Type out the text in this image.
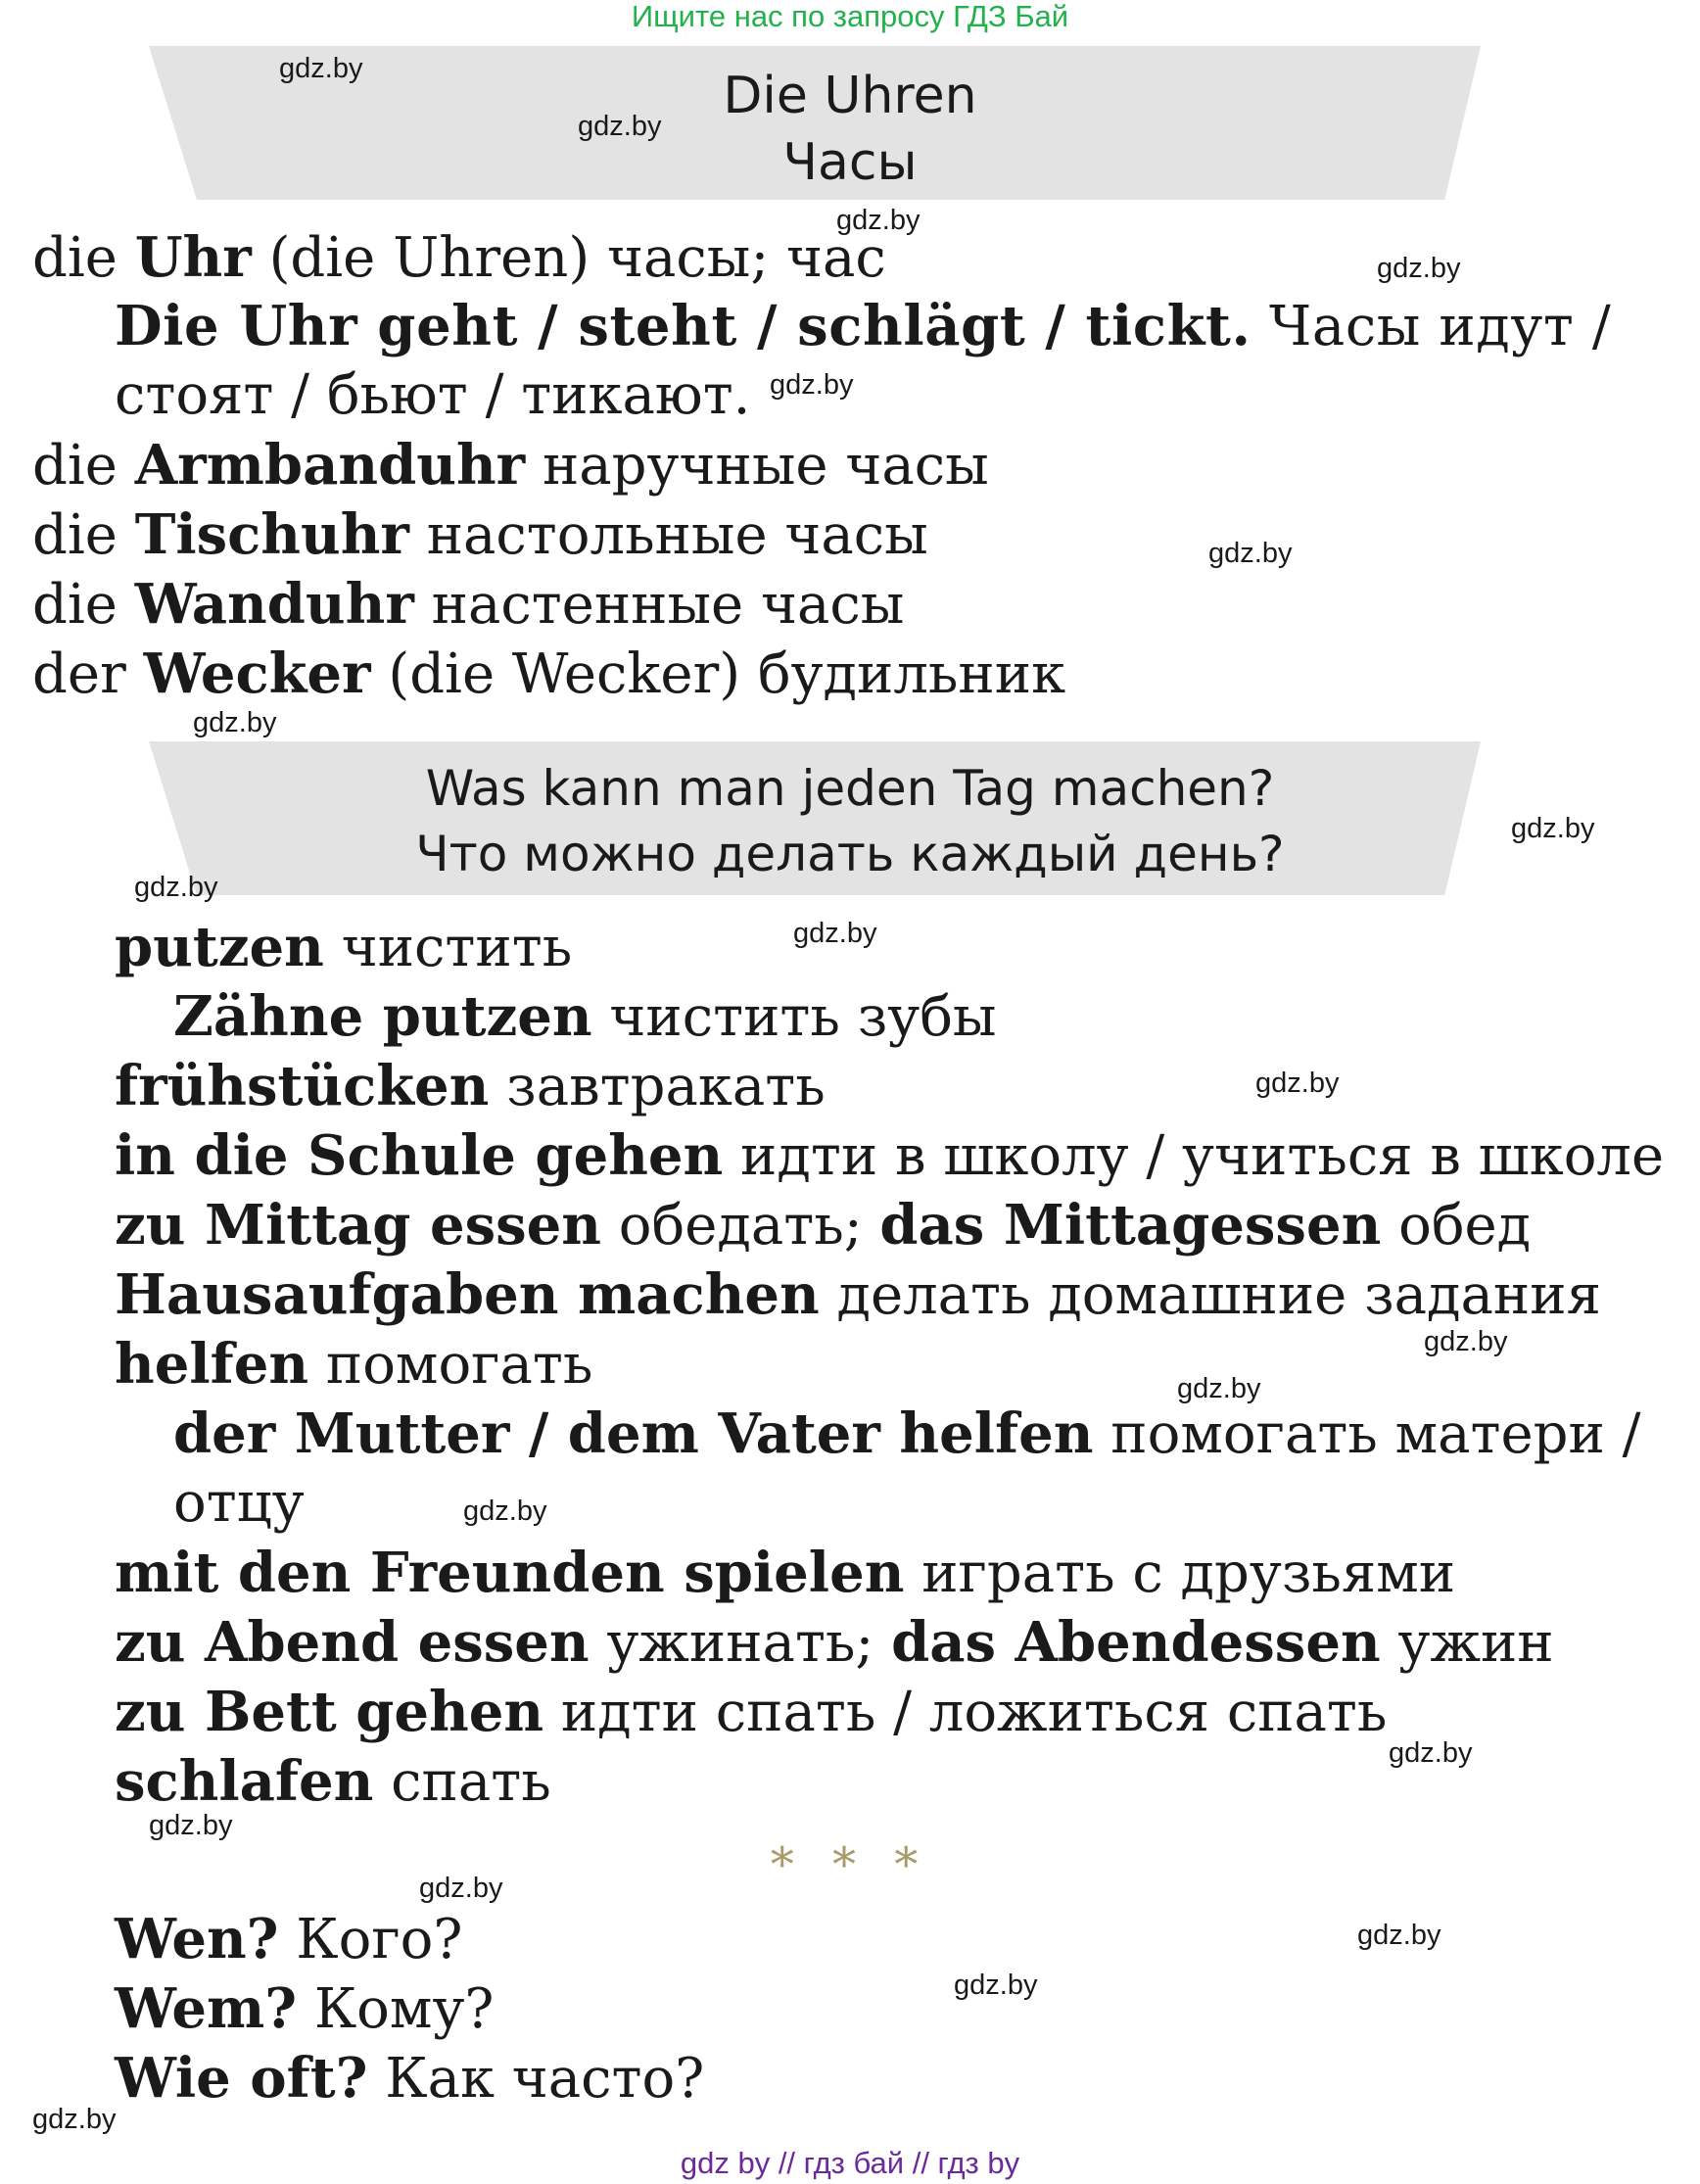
Ищите нас по запросу ГДЗ Бай
Die Uhren
Часы
die Uhr (die Uhren) часы; час
Die Uhr geht / steht / schlägt / tickt. Часы идут /
стоят / бьют / тикают.
die Armbanduhr наручные часы
die Tischuhr настольные часы
die Wanduhr настенные часы
der Wecker (die Wecker) будильник
Was kann man jeden Tag machen?
Что можно делать каждый день?
putzen чистить
Zähne putzen чистить зубы
frühstücken завтракать
in die Schule gehen идти в школу / учиться в школе
zu Mittag essen обедать; das Mittagessen обед
Hausaufgaben machen делать домашние задания
helfen помогать
der Mutter / dem Vater helfen помогать матери /
отцу
mit den Freunden spielen играть с друзьями
zu Abend essen ужинать; das Abendessen ужин
zu Bett gehen идти спать / ложиться спать
schlafen спать
* * *
Wen? Кого?
Wem? Кому?
Wie oft? Как часто?
gdz.by
gdz.by
gdz.by
gdz.by
gdz.by
gdz.by
gdz.by
gdz.by
gdz.by
gdz.by
gdz.by
gdz.by
gdz.by
gdz.by
gdz.by
gdz.by
gdz.by
gdz.by
gdz.by
gdz.by
gdz by // гдз бай // гдз by
